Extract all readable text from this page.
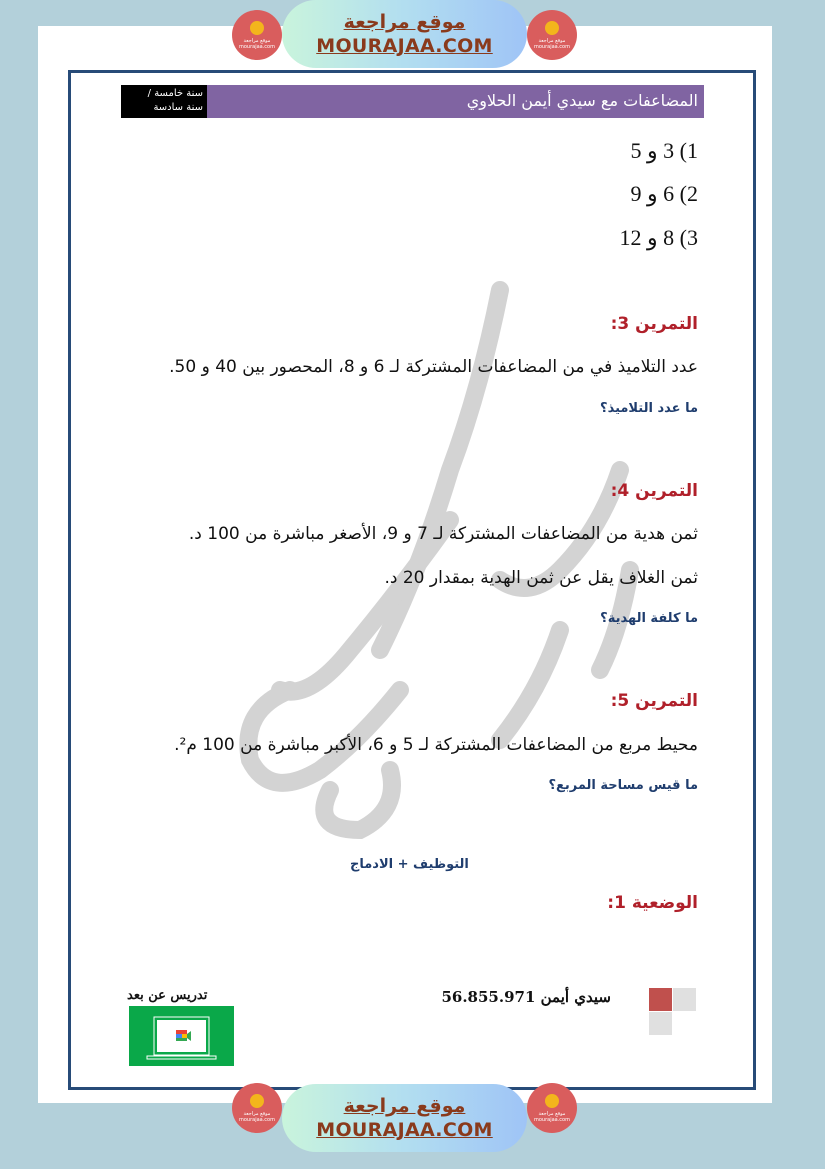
موقع مراجعة mourajaa.com
موقع مراجعة
MOURAJAA.COM	موقع مراجعة mourajaa.com
سنة خامسة /
سنة سادسة	المضاعفات مع سيدي أيمن الحلاوي
1) 3 و 5
2) 6 و 9
3) 8 و 12
التمرين 3:
عدد التلاميذ في من المضاعفات المشتركة لـ 6 و 8، المحصور بين 40 و 50.
ما عدد التلاميذ؟
التمرين 4:
ثمن هدية من المضاعفات المشتركة لـ 7 و 9، الأصغر مباشرة من 100 د.
ثمن الغلاف يقل عن ثمن الهدية بمقدار 20 د.
ما كلفة الهدية؟
التمرين 5:
محيط مربع من المضاعفات المشتركة لـ 5 و 6، الأكبر مباشرة من 100 م².
ما قيس مساحة المربع؟
التوظيف + الادماج
الوضعية 1:
سيدي أيمن 56.855.971
تدريس عن بعد
موقع مراجعة mourajaa.com
موقع مراجعة
MOURAJAA.COM
موقع مراجعة mourajaa.com
